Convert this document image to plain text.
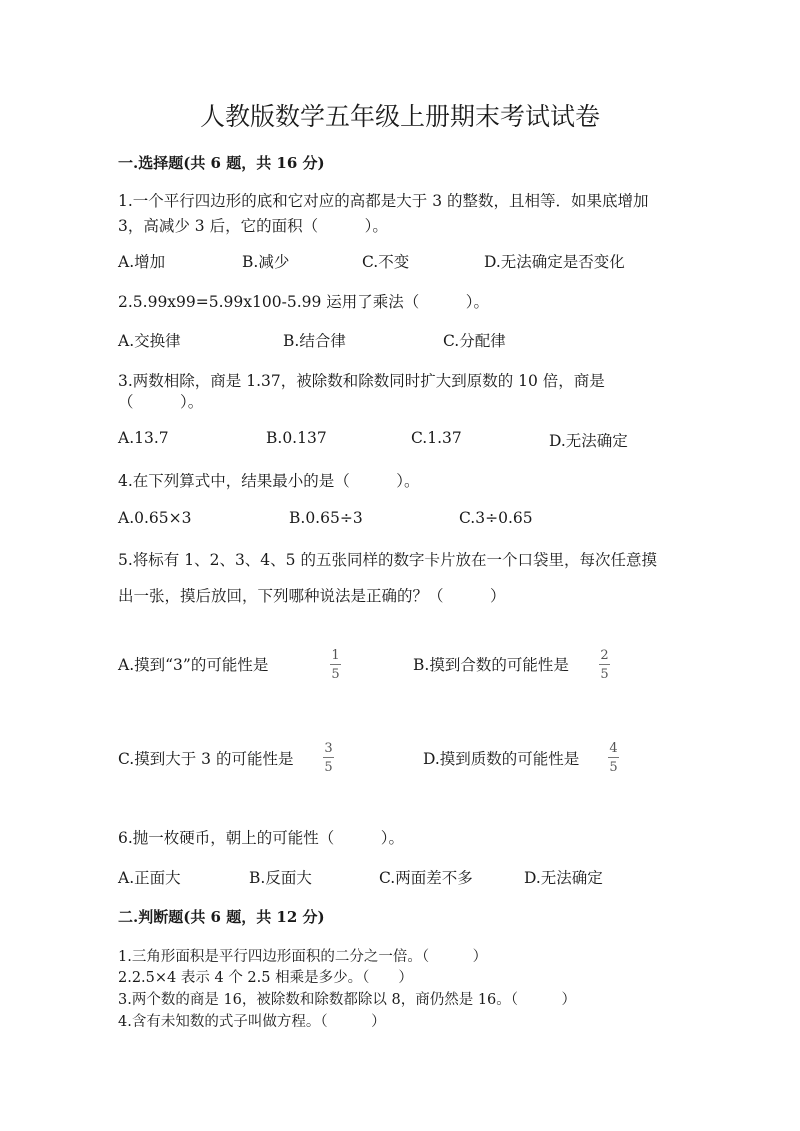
人教版数学五年级上册期末考试试卷
一.选择题(共 6 题，共 16 分)
1.一个平行四边形的底和它对应的高都是大于 3 的整数，且相等．如果底增加
3，高减少 3 后，它的面积（　　　）。
A.增加	B.减少	C.不变	D.无法确定是否变化
2.5.99x99=5.99x100-5.99 运用了乘法（　　　）。
A.交换律	B.结合律	C.分配律
3.两数相除，商是 1.37，被除数和除数同时扩大到原数的 10 倍，商是
（　　　）。
A.13.7	B.0.137	C.1.37	D.无法确定
4.在下列算式中，结果最小的是（　　　）。
A.0.65×3	B.0.65÷3	C.3÷0.65
5.将标有 1、2、3、4、5 的五张同样的数字卡片放在一个口袋里，每次任意摸
出一张，摸后放回，下列哪种说法是正确的？（　　　）
A.摸到“3”的可能性是
1
5
B.摸到合数的可能性是
2
5
C.摸到大于 3 的可能性是
3
5	D.摸到质数的可能性是
4
5
6.抛一枚硬币，朝上的可能性（　　　）。
A.正面大	B.反面大	C.两面差不多	D.无法确定
二.判断题(共 6 题，共 12 分)
1.三角形面积是平行四边形面积的二分之一倍。（　　　）
2.2.5×4 表示 4 个 2.5 相乘是多少。（　　）
3.两个数的商是 16，被除数和除数都除以 8，商仍然是 16。（　　　）
4.含有未知数的式子叫做方程。（　　　）
